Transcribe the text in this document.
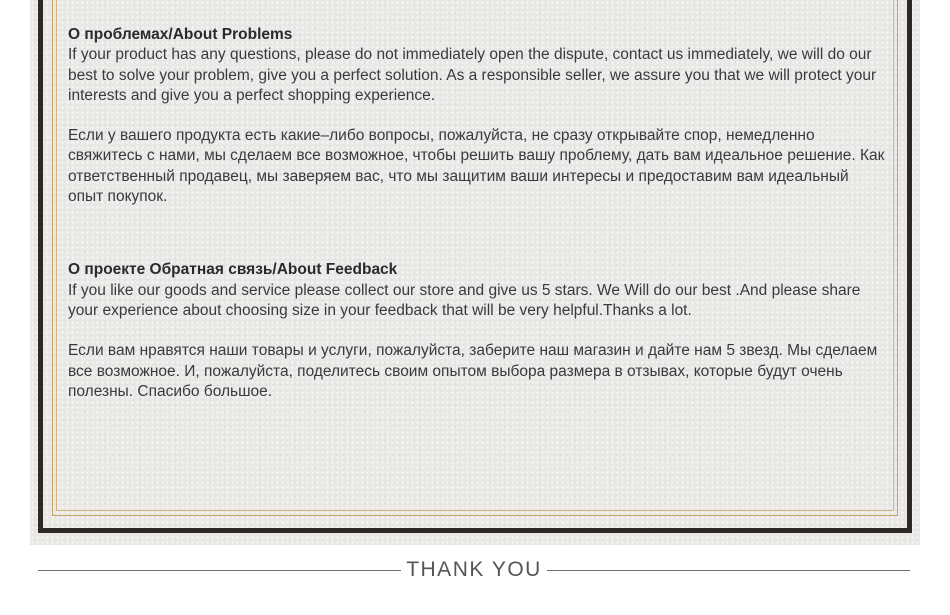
О проблемах/About Problems

If your product has any questions, please do not immediately open the dispute, contact us immediately, we will do our best to solve your problem, give you a perfect solution. As a responsible seller, we assure you that we will protect your interests and give you a perfect shopping experience.

Если у вашего продукта есть какие–либо вопросы, пожалуйста, не сразу открывайте спор, немедленно свяжитесь с нами, мы сделаем все возможное, чтобы решить вашу проблему, дать вам идеальное решение. Как ответственный продавец, мы заверяем вас, что мы защитим ваши интересы и предоставим вам идеальный опыт покупок.

О проекте Обратная связь/About Feedback

If you like our goods and service please collect our store and give us 5 stars. We Will do our best .And please share your experience about choosing size in your feedback that will be very helpful.Thanks a lot.

Если вам нравятся наши товары и услуги, пожалуйста, заберите наш магазин и дайте нам 5 звезд. Мы сделаем все возможное. И, пожалуйста, поделитесь своим опытом выбора размера в отзывах, которые будут очень полезны. Спасибо большое.

THANK YOU
